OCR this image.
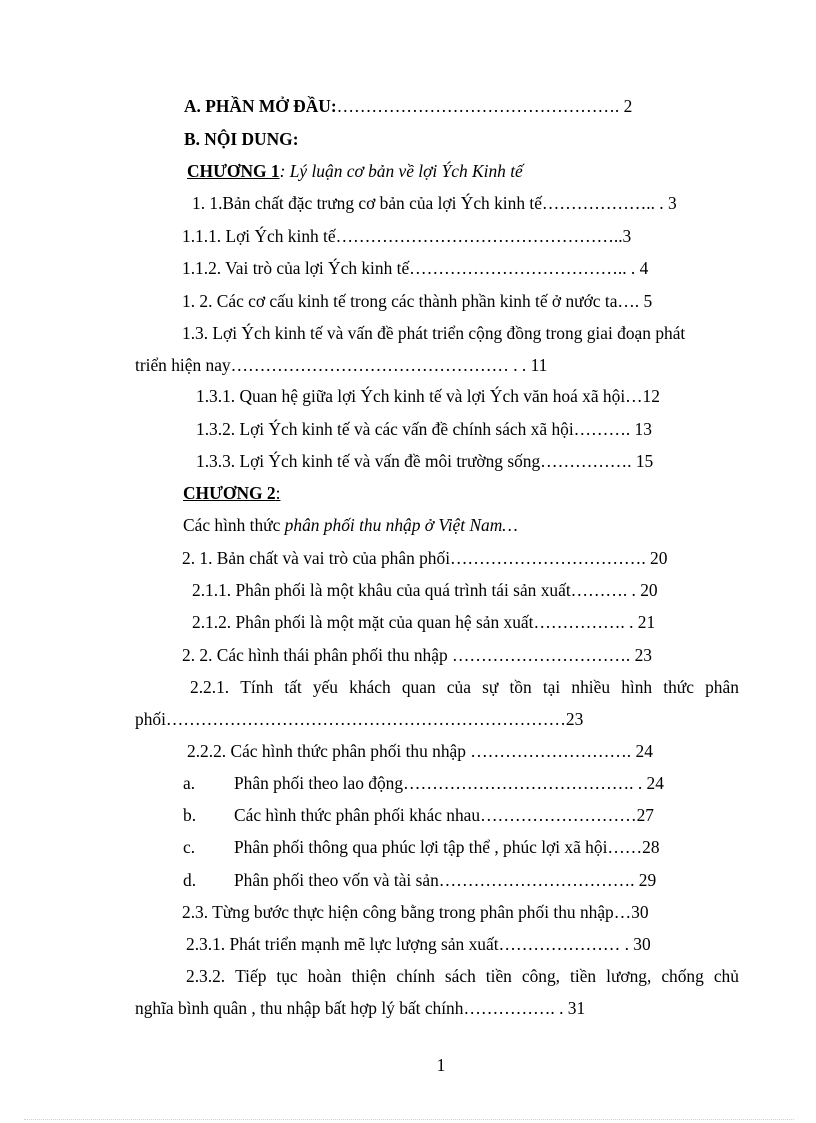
A. PHẦN MỞ ĐẦU:…………………………………………. 2
B. NỘI DUNG:
CHƯƠNG 1: Lý luận cơ bản về lợi Ých Kinh tế
1. 1.Bản chất đặc trưng cơ bản của lợi Ých kinh tế……………….. . 3
1.1.1. Lợi Ých kinh tế…………………………………………..3
1.1.2. Vai trò của lợi Ých kinh tế……………………………….. . 4
1. 2. Các cơ cấu kinh tế trong các thành phần kinh tế ở nước ta…. 5
1.3. Lợi Ých kinh tế và vấn đề phát triển cộng đồng trong giai đoạn phát
triển hiện nay………………………………………… . . 11
1.3.1. Quan hệ giữa lợi Ých kinh tế và lợi Ých văn hoá xã hội…12
1.3.2. Lợi Ých kinh tế và các vấn đề chính sách xã hội………. 13
1.3.3. Lợi Ých kinh tế và vấn đề môi trường sống……………. 15
CHƯƠNG 2:
Các hình thức phân phối thu nhập ở Việt Nam…
2. 1. Bản chất và vai trò của phân phối……………………………. 20
2.1.1. Phân phối là một khâu của quá trình tái sản xuất………. . 20
2.1.2. Phân phối là một mặt của quan hệ sản xuất……………. . 21
2. 2. Các hình thái phân phối thu nhập …………………………. 23
2.2.1. Tính tất yếu khách quan của sự tồn tại nhiều hình thức phân
phối……………………………………………………………23
2.2.2. Các hình thức phân phối thu nhập ………………………. 24
a. Phân phối theo lao động…………………………………. . 24
b. Các hình thức phân phối khác nhau………………………27
c. Phân phối thông qua phúc lợi tập thể , phúc lợi xã hội……28
d. Phân phối theo vốn và tài sản……………………………. 29
2.3. Từng bước thực hiện công bằng trong phân phối thu nhập…30
2.3.1. Phát triển mạnh mẽ lực lượng sản xuất………………… . 30
2.3.2. Tiếp tục hoàn thiện chính sách tiền công, tiền lương, chống chủ
nghĩa bình quân , thu nhập bất hợp lý bất chính……………. . 31
1
